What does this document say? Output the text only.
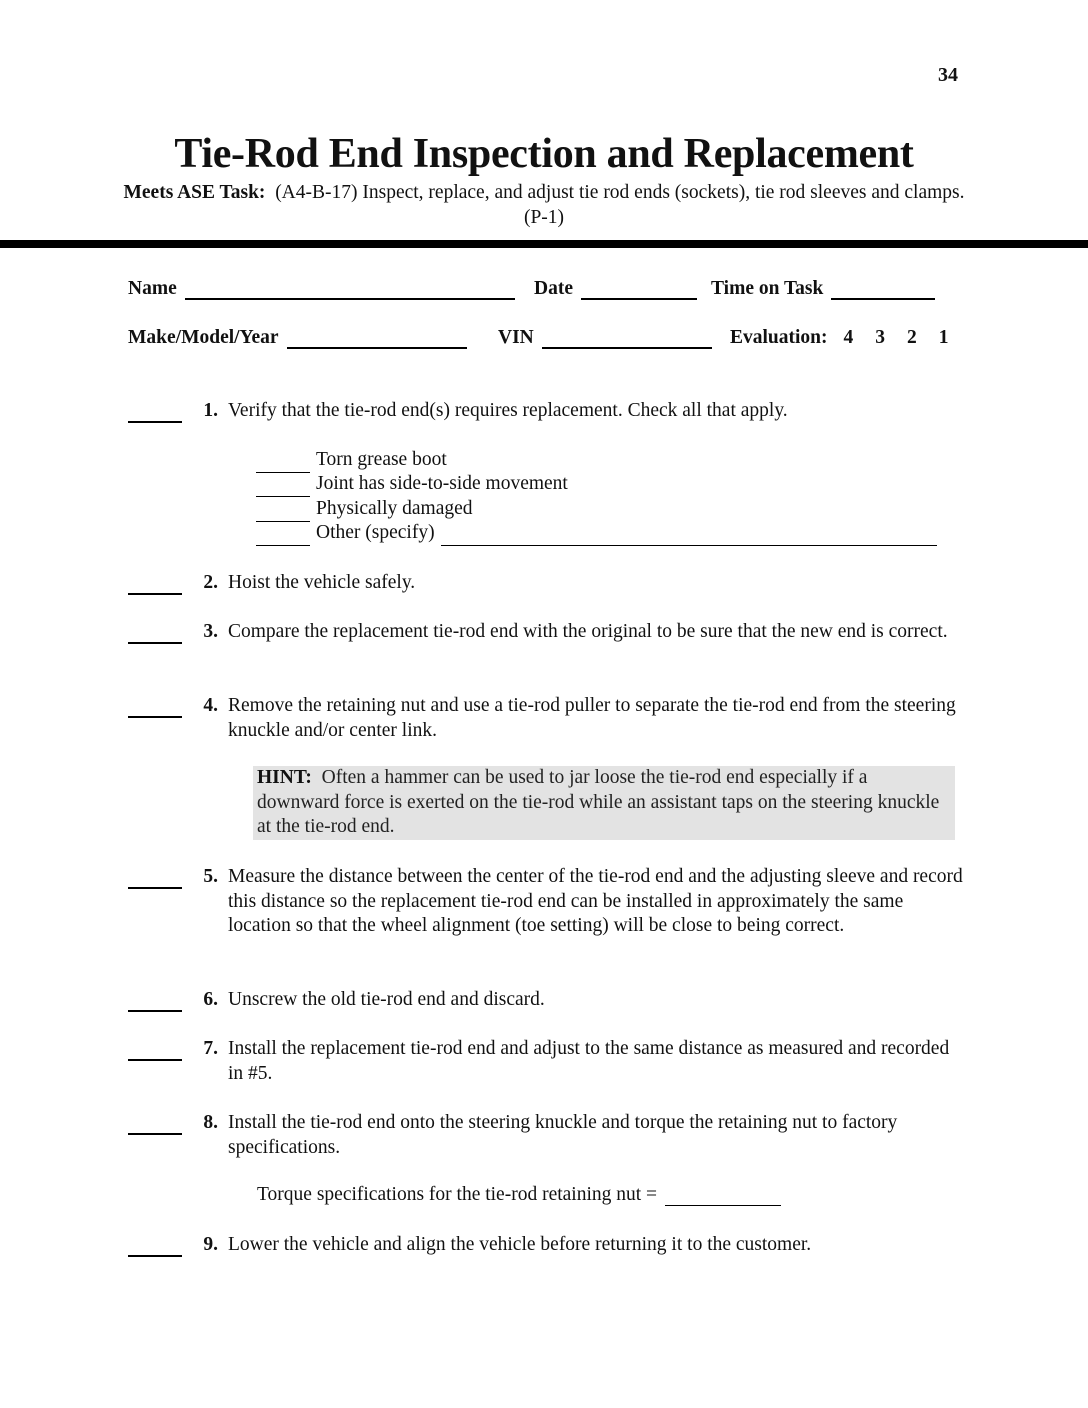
34
Tie-Rod End Inspection and Replacement
Meets ASE Task: (A4-B-17) Inspect, replace, and adjust tie rod ends (sockets), tie rod sleeves and clamps. (P-1)
Name	Date	Time on Task
Make/Model/Year	VIN	Evaluation: 4 3 2 1
1. Verify that the tie-rod end(s) requires replacement. Check all that apply.
Torn grease boot
Joint has side-to-side movement
Physically damaged
Other (specify)
2. Hoist the vehicle safely.
3. Compare the replacement tie-rod end with the original to be sure that the new end is correct.
4. Remove the retaining nut and use a tie-rod puller to separate the tie-rod end from the steering knuckle and/or center link.
HINT: Often a hammer can be used to jar loose the tie-rod end especially if a downward force is exerted on the tie-rod while an assistant taps on the steering knuckle at the tie-rod end.
5. Measure the distance between the center of the tie-rod end and the adjusting sleeve and record this distance so the replacement tie-rod end can be installed in approximately the same location so that the wheel alignment (toe setting) will be close to being correct.
6. Unscrew the old tie-rod end and discard.
7. Install the replacement tie-rod end and adjust to the same distance as measured and recorded in #5.
8. Install the tie-rod end onto the steering knuckle and torque the retaining nut to factory specifications.
Torque specifications for the tie-rod retaining nut =
9. Lower the vehicle and align the vehicle before returning it to the customer.
